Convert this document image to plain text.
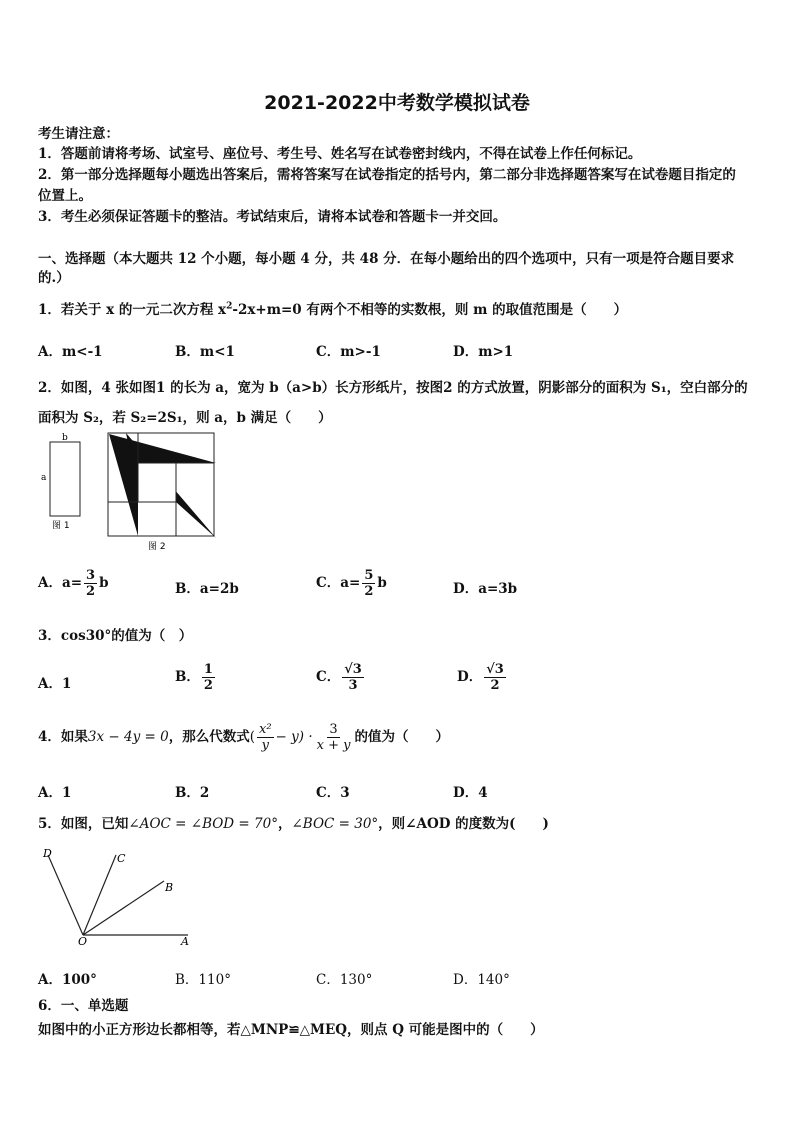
2021-2022中考数学模拟试卷
考生请注意：
1．答题前请将考场、试室号、座位号、考生号、姓名写在试卷密封线内，不得在试卷上作任何标记。
2．第一部分选择题每小题选出答案后，需将答案写在试卷指定的括号内，第二部分非选择题答案写在试卷题目指定的
位置上。
3．考生必须保证答题卡的整洁。考试结束后，请将本试卷和答题卡一并交回。
一、选择题（本大题共 12 个小题，每小题 4 分，共 48 分．在每小题给出的四个选项中，只有一项是符合题目要求
的.）
1．若关于 x 的一元二次方程 $x^2-2x+m=0$ 有两个不相等的实数根，则 m 的取值范围是（　　）
A．m<-1	B．m<1	C．m>-1	D．m>1
2．如图，4 张如图1 的长为 a，宽为 b（a>b）长方形纸片，按图2 的方式放置，阴影部分的面积为 S₁，空白部分的
面积为 S₂，若 S₂=2S₁，则 a，b 满足（　　）
b
a
图 1
图 2
A．$a= \frac{3}{2}$ b	B．a=2b	C．$a= \frac{5}{2}$ b	D．a=3b
3．cos30°的值为（　）
A．1	B． $\frac{1}{2}$	C． $\frac{√3}{3}$	D． $\frac{√3}{2}$
4．如果3x − 4y = 0，那么代数式( $\frac{\text{x²}}{y} - y) \cdot \frac{3}{x + y}$ 的值为（　　）
A．1	B．2	C．3	D．4
5．如图，已知∠AOC = ∠BOD = 70°，∠BOC = 30°，则∠AOD 的度数为(　　)
D	C
B
O	A
A．100°	B．110°	C．130°	D．140°
6．一、单选题
如图中的小正方形边长都相等，若△MNP≌△MEQ，则点 Q 可能是图中的（　　）
